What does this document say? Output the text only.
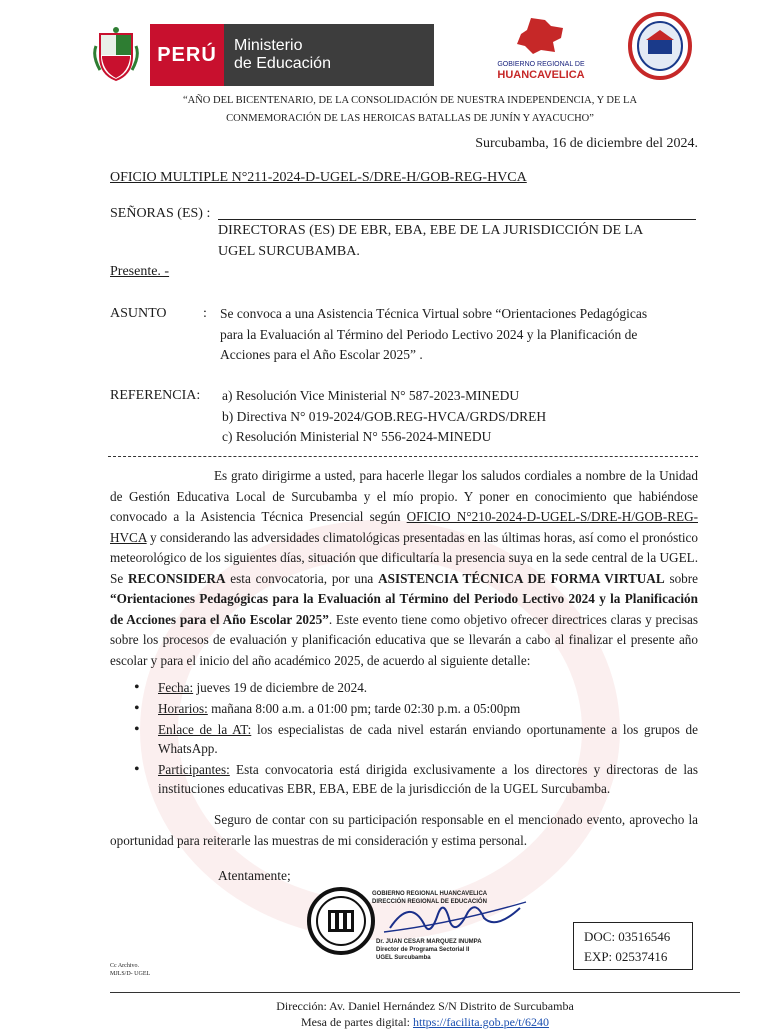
PERÚ	Ministerio
de Educación	GOBIERNO REGIONAL DE
HUANCAVELICA
“AÑO DEL BICENTENARIO, DE LA CONSOLIDACIÓN DE NUESTRA INDEPENDENCIA, Y DE LA
CONMEMORACIÓN DE LAS HEROICAS BATALLAS DE JUNÍN Y AYACUCHO”
Surcubamba, 16 de diciembre del 2024.
OFICIO MULTIPLE N°211-2024-D-UGEL-S/DRE-H/GOB-REG-HVCA
SEÑORAS (ES) :
DIRECTORAS (ES) DE EBR, EBA, EBE DE LA JURISDICCIÓN DE LA
UGEL SURCUBAMBA.
Presente. -
ASUNTO	: Se convoca a una Asistencia Técnica Virtual sobre “Orientaciones Pedagógicas
para la Evaluación al Término del Periodo Lectivo 2024 y la Planificación de
Acciones para el Año Escolar 2025” .
REFERENCIA: a) Resolución Vice Ministerial N° 587-2023-MINEDU
b) Directiva N° 019-2024/GOB.REG-HVCA/GRDS/DREH
c) Resolución Ministerial N° 556-2024-MINEDU
Es grato dirigirme a usted, para hacerle llegar los saludos cordiales a nombre de la Unidad de Gestión Educativa Local de Surcubamba y el mío propio. Y poner en conocimiento que habiéndose convocado a la Asistencia Técnica Presencial según OFICIO N°210-2024-D-UGEL-S/DRE-H/GOB-REG-HVCA y considerando las adversidades climatológicas presentadas en las últimas horas, así como el pronóstico meteorológico de los siguientes días, situación que dificultaría la presencia suya en la sede central de la UGEL. Se RECONSIDERA esta convocatoria, por una ASISTENCIA TÉCNICA DE FORMA VIRTUAL sobre “Orientaciones Pedagógicas para la Evaluación al Término del Periodo Lectivo 2024 y la Planificación de Acciones para el Año Escolar 2025”. Este evento tiene como objetivo ofrecer directrices claras y precisas sobre los procesos de evaluación y planificación educativa que se llevarán a cabo al finalizar el presente año escolar y para el inicio del año académico 2025, de acuerdo al siguiente detalle:
• Fecha: jueves 19 de diciembre de 2024.
• Horarios: mañana 8:00 a.m. a 01:00 pm; tarde 02:30 p.m. a 05:00pm
• Enlace de la AT: los especialistas de cada nivel estarán enviando oportunamente a los grupos de WhatsApp.
• Participantes: Esta convocatoria está dirigida exclusivamente a los directores y directoras de las instituciones educativas EBR, EBA, EBE de la jurisdicción de la UGEL Surcubamba.
Seguro de contar con su participación responsable en el mencionado evento, aprovecho la oportunidad para reiterarle las muestras de mi consideración y estima personal.
Atentamente;
GOBIERNO REGIONAL HUANCAVELICA
DIRECCIÓN REGIONAL DE EDUCACIÓN
Dr. JUAN CESAR MARQUEZ INUMPA
Director de Programa Sectorial II
UGEL Surcubamba
Cc Archivo.
MJLS/D- UGEL
DOC: 03516546
EXP: 02537416
Dirección: Av. Daniel Hernández S/N Distrito de Surcubamba
Mesa de partes digital: https://facilita.gob.pe/t/6240
